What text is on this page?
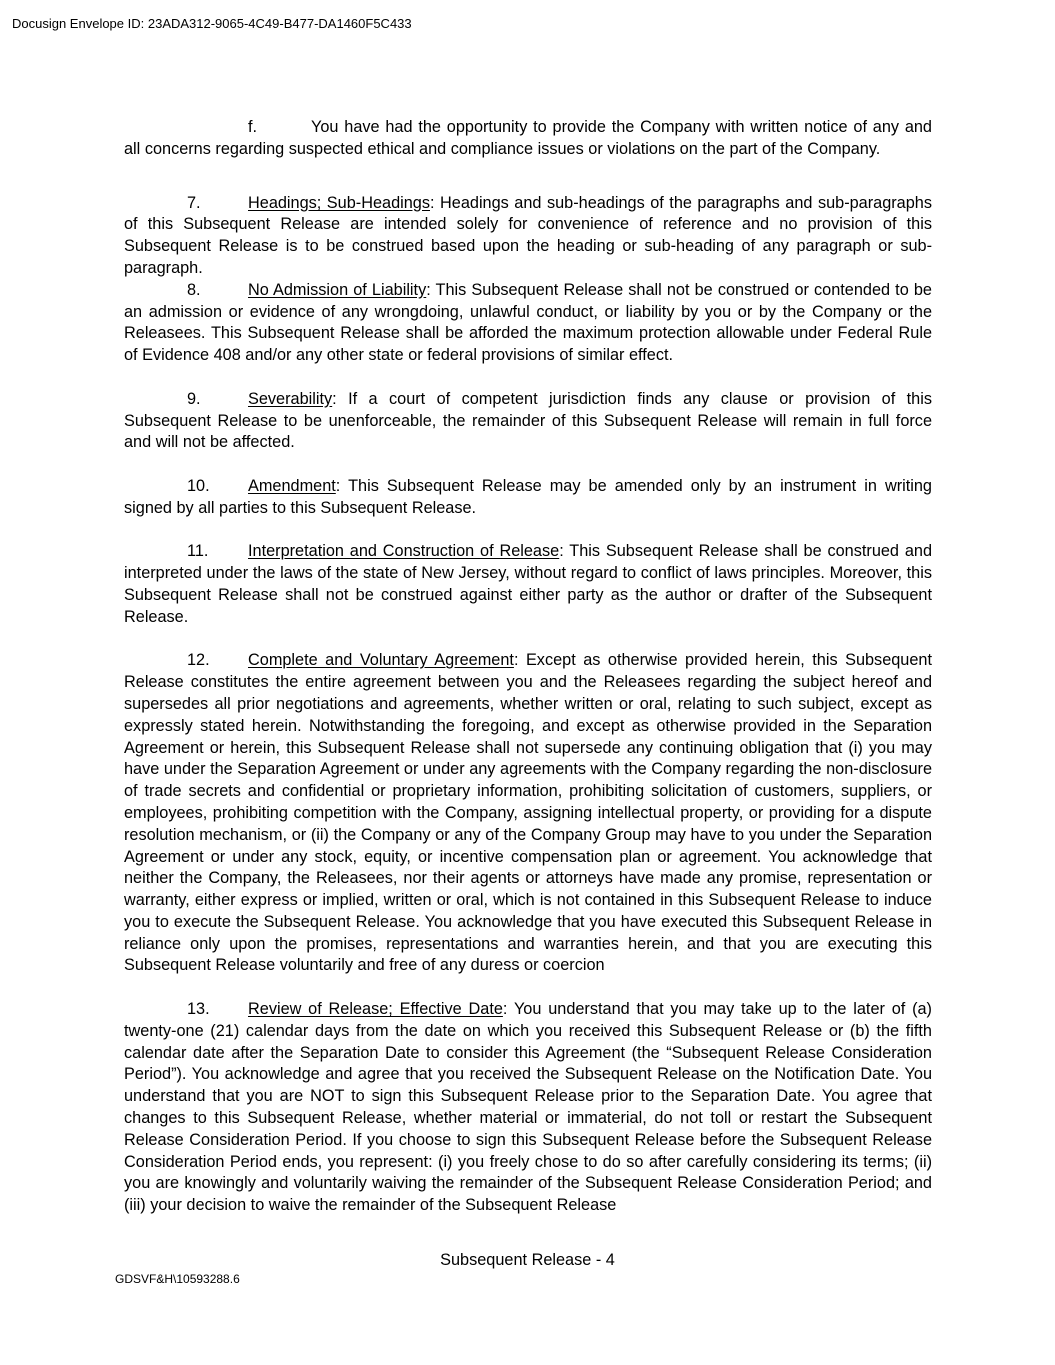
Docusign Envelope ID: 23ADA312-9065-4C49-B477-DA1460F5C433

f.	You have had the opportunity to provide the Company with written notice of any and all concerns regarding suspected ethical and compliance issues or violations on the part of the Company.

7.	Headings; Sub-Headings: Headings and sub-headings of the paragraphs and sub-paragraphs of this Subsequent Release are intended solely for convenience of reference and no provision of this Subsequent Release is to be construed based upon the heading or sub-heading of any paragraph or sub-paragraph.

8.	No Admission of Liability: This Subsequent Release shall not be construed or contended to be an admission or evidence of any wrongdoing, unlawful conduct, or liability by you or by the Company or the Releasees. This Subsequent Release shall be afforded the maximum protection allowable under Federal Rule of Evidence 408 and/or any other state or federal provisions of similar effect.

9.	Severability: If a court of competent jurisdiction finds any clause or provision of this Subsequent Release to be unenforceable, the remainder of this Subsequent Release will remain in full force and will not be affected.

10. Amendment: This Subsequent Release may be amended only by an instrument in writing signed by all parties to this Subsequent Release.

11. Interpretation and Construction of Release: This Subsequent Release shall be construed and interpreted under the laws of the state of New Jersey, without regard to conflict of laws principles. Moreover, this Subsequent Release shall not be construed against either party as the author or drafter of the Subsequent Release.

12. Complete and Voluntary Agreement: Except as otherwise provided herein, this Subsequent Release constitutes the entire agreement between you and the Releasees regarding the subject hereof and supersedes all prior negotiations and agreements, whether written or oral, relating to such subject, except as expressly stated herein. Notwithstanding the foregoing, and except as otherwise provided in the Separation Agreement or herein, this Subsequent Release shall not supersede any continuing obligation that (i) you may have under the Separation Agreement or under any agreements with the Company regarding the non-disclosure of trade secrets and confidential or proprietary information, prohibiting solicitation of customers, suppliers, or employees, prohibiting competition with the Company, assigning intellectual property, or providing for a dispute resolution mechanism, or (ii) the Company or any of the Company Group may have to you under the Separation Agreement or under any stock, equity, or incentive compensation plan or agreement. You acknowledge that neither the Company, the Releasees, nor their agents or attorneys have made any promise, representation or warranty, either express or implied, written or oral, which is not contained in this Subsequent Release to induce you to execute the Subsequent Release. You acknowledge that you have executed this Subsequent Release in reliance only upon the promises, representations and warranties herein, and that you are executing this Subsequent Release voluntarily and free of any duress or coercion

13. Review of Release; Effective Date: You understand that you may take up to the later of (a) twenty-one (21) calendar days from the date on which you received this Subsequent Release or (b) the fifth calendar date after the Separation Date to consider this Agreement (the “Subsequent Release Consideration Period”). You acknowledge and agree that you received the Subsequent Release on the Notification Date. You understand that you are NOT to sign this Subsequent Release prior to the Separation Date. You agree that changes to this Subsequent Release, whether material or immaterial, do not toll or restart the Subsequent Release Consideration Period. If you choose to sign this Subsequent Release before the Subsequent Release Consideration Period ends, you represent: (i) you freely chose to do so after carefully considering its terms; (ii) you are knowingly and voluntarily waiving the remainder of the Subsequent Release Consideration Period; and (iii) your decision to waive the remainder of the Subsequent Release

Subsequent Release - 4
GDSVF&H\10593288.6
